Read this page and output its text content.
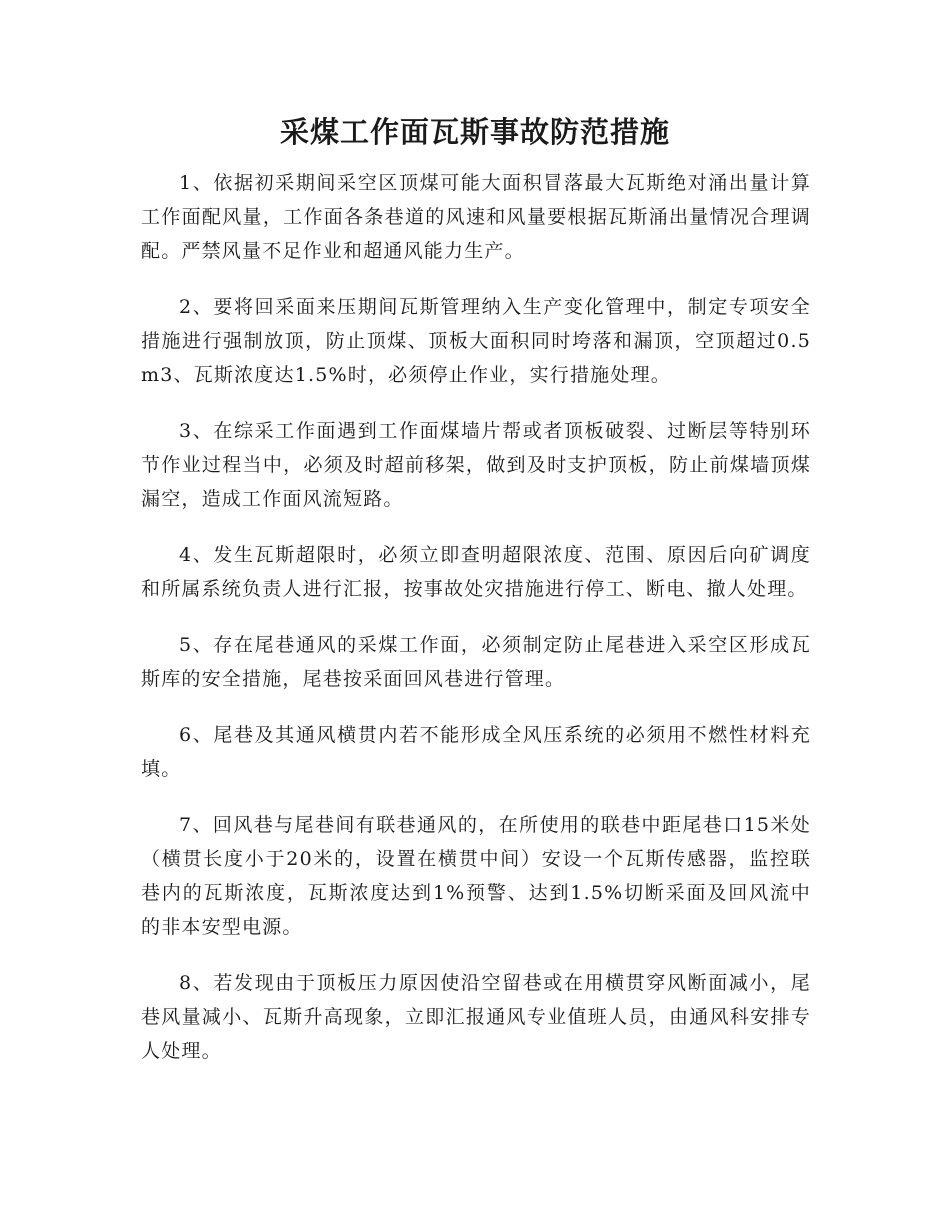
采煤工作面瓦斯事故防范措施

1、依据初采期间采空区顶煤可能大面积冒落最大瓦斯绝对涌出量计算工作面配风量，工作面各条巷道的风速和风量要根据瓦斯涌出量情况合理调配。严禁风量不足作业和超通风能力生产。

2、要将回采面来压期间瓦斯管理纳入生产变化管理中，制定专项安全措施进行强制放顶，防止顶煤、顶板大面积同时垮落和漏顶，空顶超过0.5m3、瓦斯浓度达1.5%时，必须停止作业，实行措施处理。

3、在综采工作面遇到工作面煤墙片帮或者顶板破裂、过断层等特别环节作业过程当中，必须及时超前移架，做到及时支护顶板，防止前煤墙顶煤漏空，造成工作面风流短路。

4、发生瓦斯超限时，必须立即查明超限浓度、范围、原因后向矿调度和所属系统负责人进行汇报，按事故处灾措施进行停工、断电、撤人处理。

5、存在尾巷通风的采煤工作面，必须制定防止尾巷进入采空区形成瓦斯库的安全措施，尾巷按采面回风巷进行管理。

6、尾巷及其通风横贯内若不能形成全风压系统的必须用不燃性材料充填。

7、回风巷与尾巷间有联巷通风的，在所使用的联巷中距尾巷口15米处（横贯长度小于20米的，设置在横贯中间）安设一个瓦斯传感器，监控联巷内的瓦斯浓度，瓦斯浓度达到1%预警、达到1.5%切断采面及回风流中的非本安型电源。

8、若发现由于顶板压力原因使沿空留巷或在用横贯穿风断面减小，尾巷风量减小、瓦斯升高现象，立即汇报通风专业值班人员，由通风科安排专人处理。
